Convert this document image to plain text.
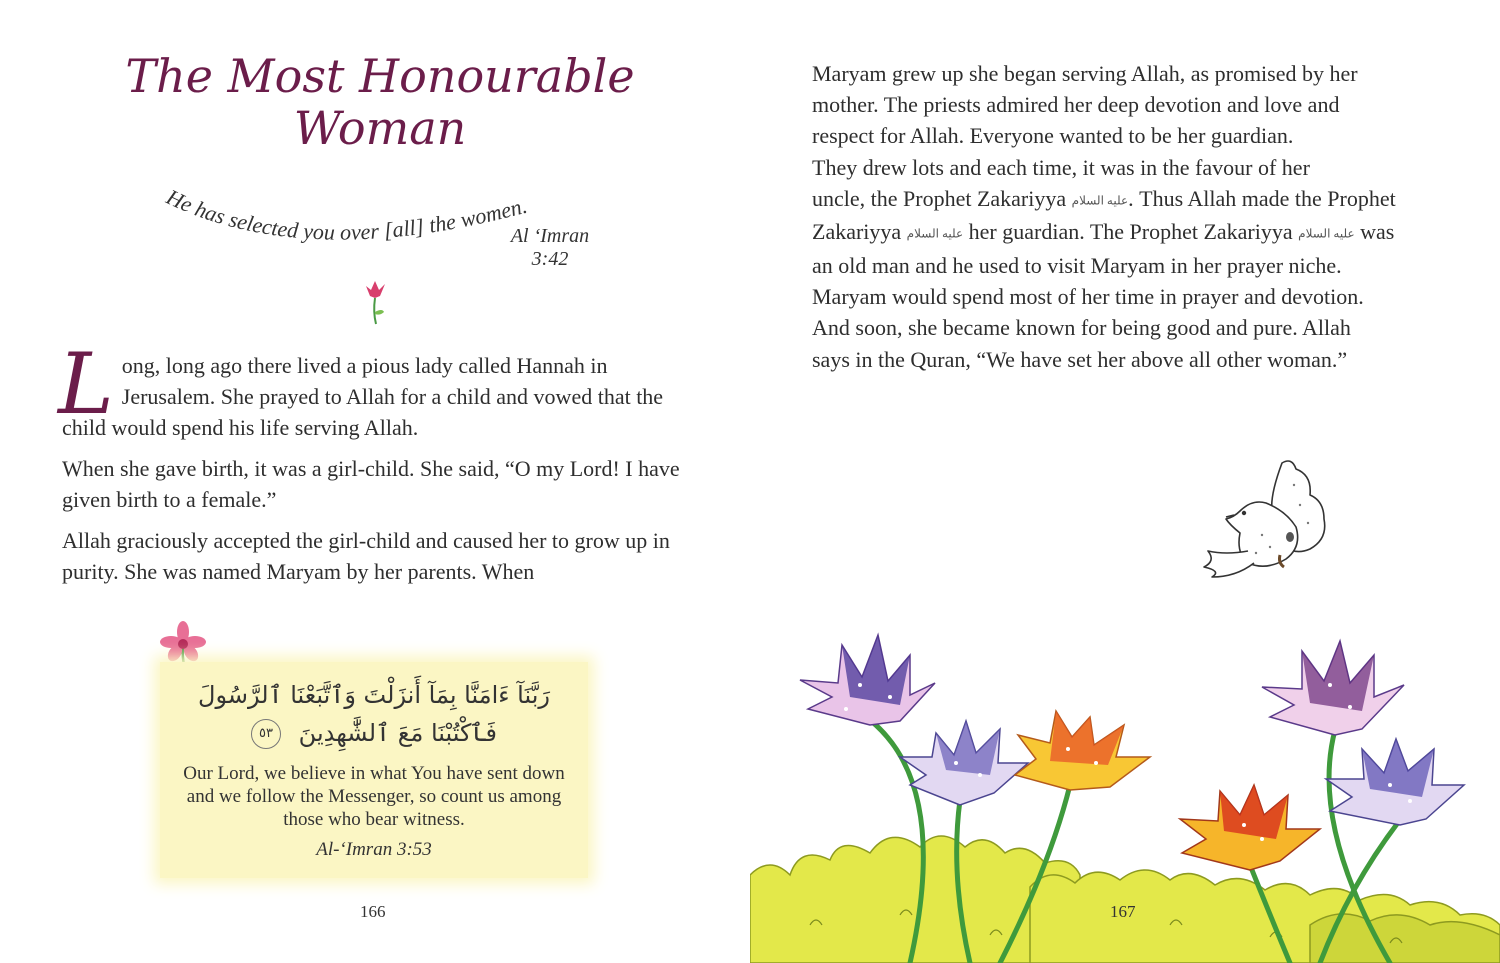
The Most Honourable Woman
He has selected you over [all] the women.
Al ‘Imran
3:42

Long, long ago there lived a pious lady called Hannah in Jerusalem. She prayed to Allah for a child and vowed that the child would spend his life serving Allah.

When she gave birth, it was a girl-child. She said, “O my Lord! I have given birth to a female.”

Allah graciously accepted the girl-child and caused her to grow up in purity. She was named Maryam by her parents. When

رَبَّنَآ ءَامَنَّا بِمَآ أَنزَلْتَ وَٱتَّبَعْنَا ٱلرَّسُولَ
فَٱكْتُبْنَا مَعَ ٱلشَّٰهِدِينَ ٥٣
Our Lord, we believe in what You have sent down and we follow the Messenger, so count us among those who bear witness.
Al-‘Imran 3:53
166
Maryam grew up she began serving Allah, as promised by her
mother. The priests admired her deep devotion and love and
respect for Allah. Everyone wanted to be her guardian.
They drew lots and each time, it was in the favour of her
uncle, the Prophet Zakariyya عليه السلام. Thus Allah made the Prophet
Zakariyya عليه السلام her guardian. The Prophet Zakariyya عليه السلام was
an old man and he used to visit Maryam in her prayer niche.
Maryam would spend most of her time in prayer and devotion.
And soon, she became known for being good and pure. Allah
says in the Quran, “We have set her above all other woman.”
167
